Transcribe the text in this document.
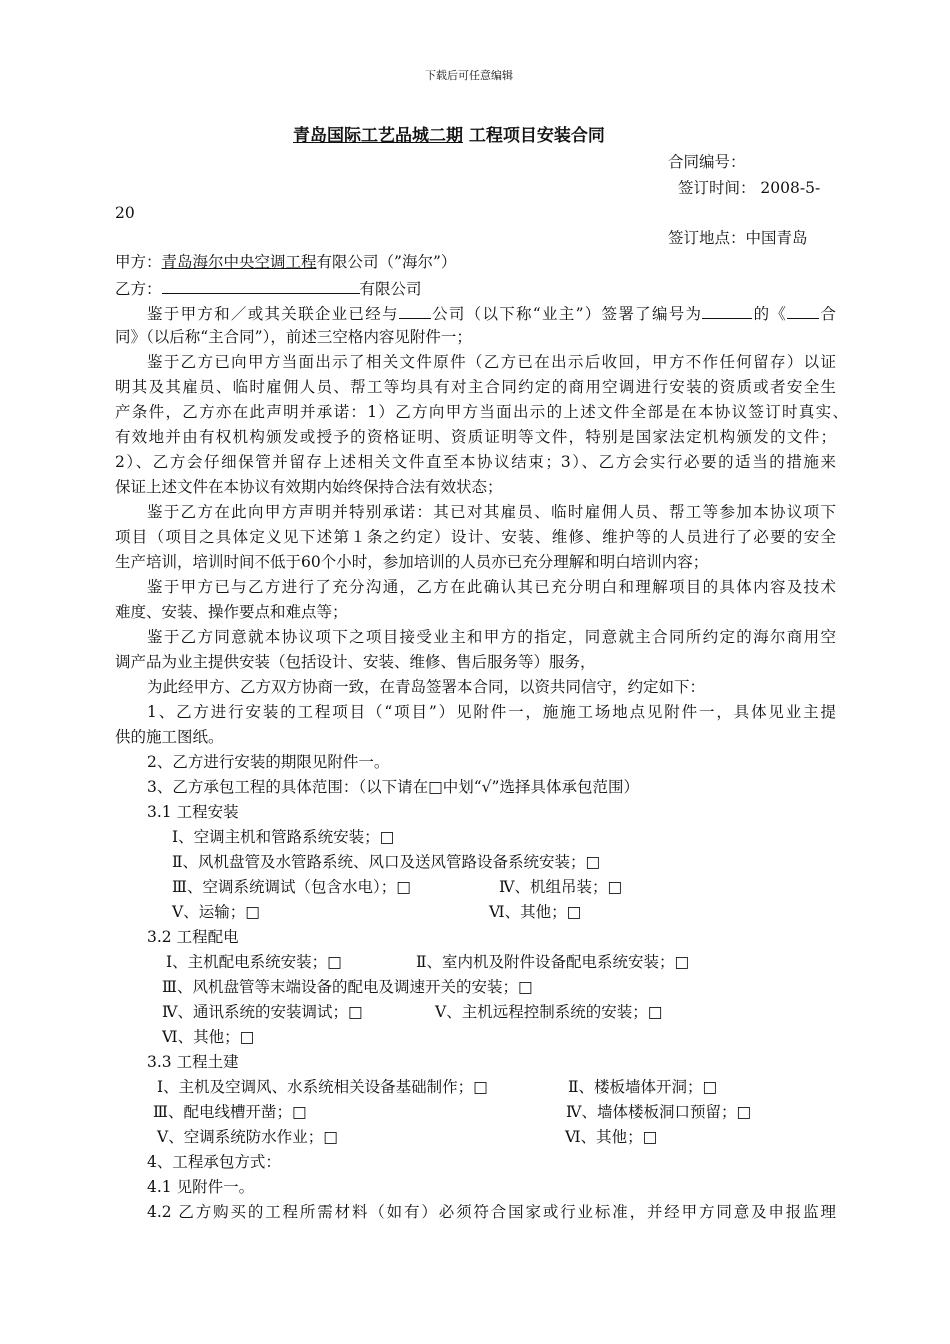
下载后可任意编辑
青岛国际工艺品城二期 工程项目安装合同
合同编号：
签订时间： 2008-5-
20
签订地点：中国青岛
甲方：青岛海尔中央空调工程有限公司（”海尔”）
乙方：	有限公司
鉴于甲方和／或其关联企业已经与 公司（以下称“业主”）签署了编号为	的《 合
同》（以后称“主合同”），前述三空格内容见附件一；
鉴于乙方已向甲方当面出示了相关文件原件（乙方已在出示后收回，甲方不作任何留存）以证
明其及其雇员、临时雇佣人员、帮工等均具有对主合同约定的商用空调进行安装的资质或者安全生
产条件，乙方亦在此声明并承诺：1）乙方向甲方当面出示的上述文件全部是在本协议签订时真实、
有效地并由有权机构颁发或授予的资格证明、资质证明等文件，特别是国家法定机构颁发的文件；
2）、乙方会仔细保管并留存上述相关文件直至本协议结束；3）、乙方会实行必要的适当的措施来
保证上述文件在本协议有效期内始终保持合法有效状态；
鉴于乙方在此向甲方声明并特别承诺：其已对其雇员、临时雇佣人员、帮工等参加本协议项下
项目（项目之具体定义见下述第１条之约定）设计、安装、维修、维护等的人员进行了必要的安全
生产培训，培训时间不低于60个小时，参加培训的人员亦已充分理解和明白培训内容；
鉴于甲方已与乙方进行了充分沟通，乙方在此确认其已充分明白和理解项目的具体内容及技术
难度、安装、操作要点和难点等；
鉴于乙方同意就本协议项下之项目接受业主和甲方的指定，同意就主合同所约定的海尔商用空
调产品为业主提供安装（包括设计、安装、维修、售后服务等）服务，
为此经甲方、乙方双方协商一致，在青岛签署本合同，以资共同信守，约定如下：
1、乙方进行安装的工程项目（“项目”）见附件一，施施工场地点见附件一，具体见业主提
供的施工图纸。
2、乙方进行安装的期限见附件一。
3、乙方承包工程的具体范围：（以下请在□中划“√”选择具体承包范围）
3.1 工程安装
Ⅰ、空调主机和管路系统安装；□
Ⅱ、风机盘管及水管路系统、风口及送风管路设备系统安装；□
Ⅲ、空调系统调试（包含水电）；□	Ⅳ、机组吊装；□
Ⅴ、运输；□	Ⅵ、其他；□
3.2 工程配电
Ⅰ、主机配电系统安装；□	Ⅱ、室内机及附件设备配电系统安装；□
Ⅲ、风机盘管等末端设备的配电及调速开关的安装；□
Ⅳ、通讯系统的安装调试；□	Ⅴ、主机远程控制系统的安装；□
Ⅵ、其他；□
3.3 工程土建
Ⅰ、主机及空调风、水系统相关设备基础制作；□	Ⅱ、楼板墙体开洞；□
Ⅲ、配电线槽开凿；□	Ⅳ、墙体楼板洞口预留；□
Ⅴ、空调系统防水作业；□	Ⅵ、其他；□
4、工程承包方式：
4.1 见附件一。
4.2 乙方购买的工程所需材料（如有）必须符合国家或行业标准，并经甲方同意及申报监理
